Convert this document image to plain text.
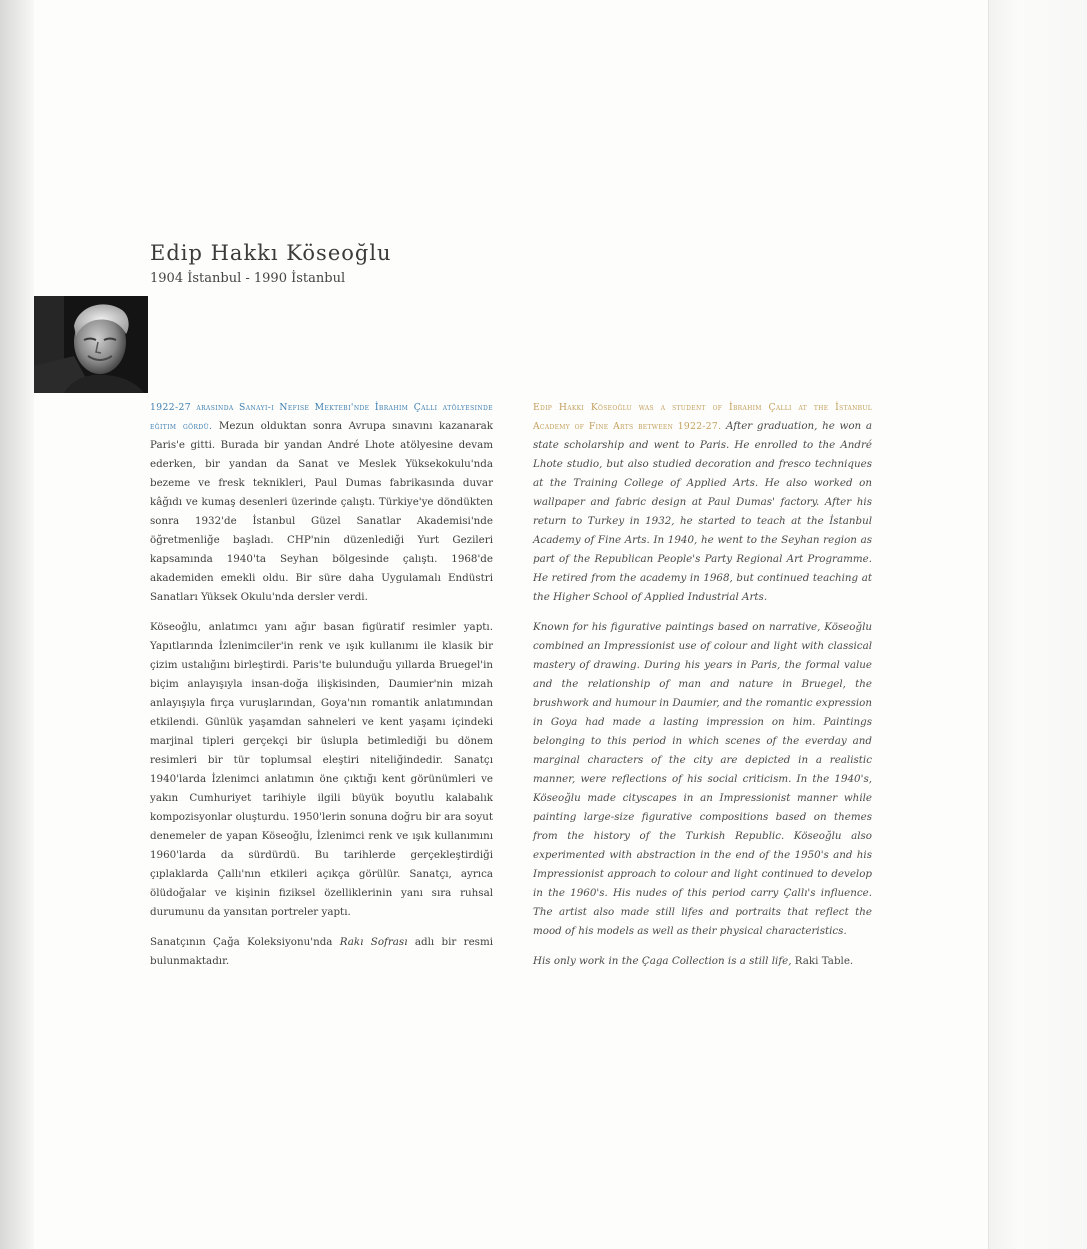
Edip Hakkı Köseoğlu
1904 İstanbul - 1990 İstanbul

1922-27 arasında Sanayi-i Nefise Mektebi'nde İbrahim Çallı atölyesinde eğitim gördü. Mezun olduktan sonra Avrupa sınavını kazanarak Paris'e gitti. Burada bir yandan André Lhote atölyesine devam ederken, bir yandan da Sanat ve Meslek Yüksekokulu'nda bezeme ve fresk teknikleri, Paul Dumas fabrikasında duvar kâğıdı ve kumaş desenleri üzerinde çalıştı. Türkiye'ye döndükten sonra 1932'de İstanbul Güzel Sanatlar Akademisi'nde öğretmenliğe başladı. CHP'nin düzenlediği Yurt Gezileri kapsamında 1940'ta Seyhan bölgesinde çalıştı. 1968'de akademiden emekli oldu. Bir süre daha Uygulamalı Endüstri Sanatları Yüksek Okulu'nda dersler verdi.

Köseoğlu, anlatımcı yanı ağır basan figüratif resimler yaptı. Yapıtlarında İzlenimciler'in renk ve ışık kullanımı ile klasik bir çizim ustalığını birleştirdi. Paris'te bulunduğu yıllarda Bruegel'in biçim anlayışıyla insan-doğa ilişkisinden, Daumier'nin mizah anlayışıyla fırça vuruşlarından, Goya'nın romantik anlatımından etkilendi. Günlük yaşamdan sahneleri ve kent yaşamı içindeki marjinal tipleri gerçekçi bir üslupla betimlediği bu dönem resimleri bir tür toplumsal eleştiri niteliğindedir. Sanatçı 1940'larda İzlenimci anlatımın öne çıktığı kent görünümleri ve yakın Cumhuriyet tarihiyle ilgili büyük boyutlu kalabalık kompozisyonlar oluşturdu. 1950'lerin sonuna doğru bir ara soyut denemeler de yapan Köseoğlu, İzlenimci renk ve ışık kullanımını 1960'larda da sürdürdü. Bu tarihlerde gerçekleştirdiği çıplaklarda Çallı'nın etkileri açıkça görülür. Sanatçı, ayrıca ölüdoğalar ve kişinin fiziksel özelliklerinin yanı sıra ruhsal durumunu da yansıtan portreler yaptı.

Sanatçının Çağa Koleksiyonu'nda Rakı Sofrası adlı bir resmi bulunmaktadır.

Edip Hakkı Köseoğlu was a student of İbrahim Çallı at the İstanbul Academy of Fine Arts between 1922-27. After graduation, he won a state scholarship and went to Paris. He enrolled to the André Lhote studio, but also studied decoration and fresco techniques at the Training College of Applied Arts. He also worked on wallpaper and fabric design at Paul Dumas' factory. After his return to Turkey in 1932, he started to teach at the İstanbul Academy of Fine Arts. In 1940, he went to the Seyhan region as part of the Republican People's Party Regional Art Programme. He retired from the academy in 1968, but continued teaching at the Higher School of Applied Industrial Arts.

Known for his figurative paintings based on narrative, Köseoğlu combined an Impressionist use of colour and light with classical mastery of drawing. During his years in Paris, the formal value and the relationship of man and nature in Bruegel, the brushwork and humour in Daumier, and the romantic expression in Goya had made a lasting impression on him. Paintings belonging to this period in which scenes of the everday and marginal characters of the city are depicted in a realistic manner, were reflections of his social criticism. In the 1940's, Köseoğlu made cityscapes in an Impressionist manner while painting large-size figurative compositions based on themes from the history of the Turkish Republic. Köseoğlu also experimented with abstraction in the end of the 1950's and his Impressionist approach to colour and light continued to develop in the 1960's. His nudes of this period carry Çallı's influence. The artist also made still lifes and portraits that reflect the mood of his models as well as their physical characteristics.

His only work in the Çaga Collection is a still life, Raki Table.
